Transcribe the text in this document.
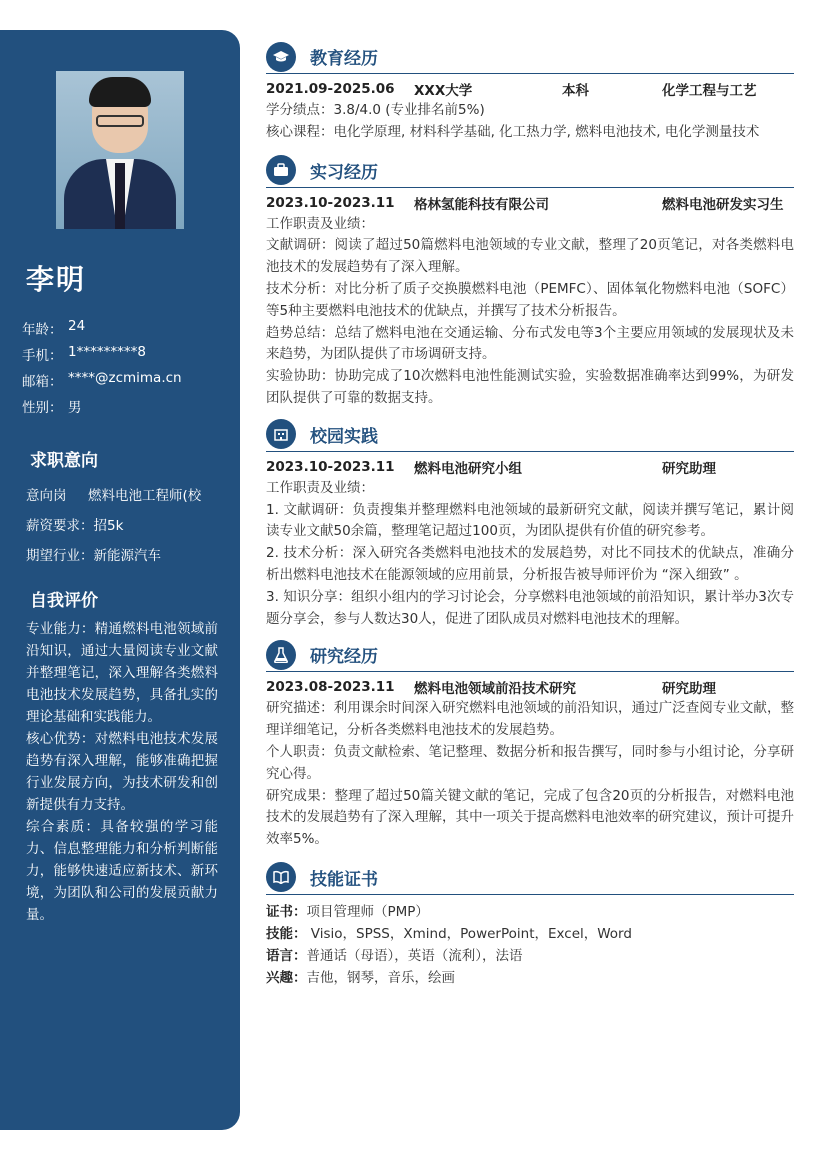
李明
年龄： 24
手机： 1*********8
邮箱： ****@zcmima.cn
性别： 男
求职意向
意向岗	燃料电池工程师(校
薪资要求： 招5k
期望行业： 新能源汽车
自我评价

专业能力：精通燃料电池领域前沿知识，通过大量阅读专业文献并整理笔记，深入理解各类燃料电池技术发展趋势，具备扎实的理论基础和实践能力。

核心优势：对燃料电池技术发展趋势有深入理解，能够准确把握行业发展方向，为技术研发和创新提供有力支持。

综合素质：具备较强的学习能力、信息整理能力和分析判断能力，能够快速适应新技术、新环境，为团队和公司的发展贡献力量。

教育经历
2021.09-2025.06	XXX大学	本科	化学工程与工艺
学分绩点：3.8/4.0 (专业排名前5%)
核心课程：电化学原理, 材料科学基础, 化工热力学, 燃料电池技术, 电化学测量技术
实习经历
2023.10-2023.11	格林氢能科技有限公司	燃料电池研发实习生
工作职责及业绩：
文献调研：阅读了超过50篇燃料电池领域的专业文献，整理了20页笔记，对各类燃料电池技术的发展趋势有了深入理解。
技术分析：对比分析了质子交换膜燃料电池（PEMFC）、固体氧化物燃料电池（SOFC）等5种主要燃料电池技术的优缺点，并撰写了技术分析报告。
趋势总结：总结了燃料电池在交通运输、分布式发电等3个主要应用领域的发展现状及未来趋势，为团队提供了市场调研支持。
实验协助：协助完成了10次燃料电池性能测试实验，实验数据准确率达到99%，为研发团队提供了可靠的数据支持。
校园实践
2023.10-2023.11	燃料电池研究小组	研究助理
工作职责及业绩：
1. 文献调研：负责搜集并整理燃料电池领域的最新研究文献，阅读并撰写笔记，累计阅读专业文献50余篇，整理笔记超过100页，为团队提供有价值的研究参考。
2. 技术分析：深入研究各类燃料电池技术的发展趋势，对比不同技术的优缺点，准确分析出燃料电池技术在能源领域的应用前景，分析报告被导师评价为 “深入细致” 。
3. 知识分享：组织小组内的学习讨论会，分享燃料电池领域的前沿知识，累计举办3次专题分享会，参与人数达30人，促进了团队成员对燃料电池技术的理解。
研究经历
2023.08-2023.11	燃料电池领域前沿技术研究	研究助理
研究描述：利用课余时间深入研究燃料电池领域的前沿知识，通过广泛查阅专业文献，整理详细笔记，分析各类燃料电池技术的发展趋势。
个人职责：负责文献检索、笔记整理、数据分析和报告撰写，同时参与小组讨论，分享研究心得。
研究成果：整理了超过50篇关键文献的笔记，完成了包含20页的分析报告，对燃料电池技术的发展趋势有了深入理解，其中一项关于提高燃料电池效率的研究建议，预计可提升效率5%。
技能证书
证书：项目管理师（PMP）
技能： Visio，SPSS，Xmind，PowerPoint，Excel，Word
语言：普通话（母语），英语（流利），法语
兴趣：吉他，钢琴，音乐，绘画
